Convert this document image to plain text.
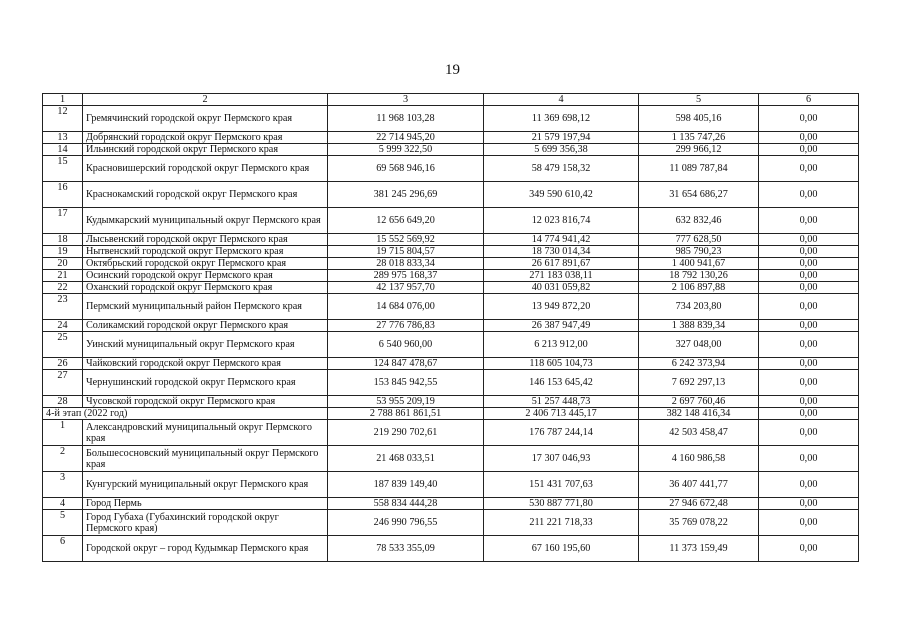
19
1	2	3	4	5	6
12	Гремячинский городской округ Пермского края	11 968 103,28	11 369 698,12	598 405,16	0,00
13	Добрянский городской округ Пермского края	22 714 945,20	21 579 197,94	1 135 747,26	0,00
14	Ильинский городской округ Пермского края	5 999 322,50	5 699 356,38	299 966,12	0,00
15	Красновишерский городской округ Пермского края	69 568 946,16	58 479 158,32	11 089 787,84	0,00
16	Краснокамский городской округ Пермского края	381 245 296,69	349 590 610,42	31 654 686,27	0,00
17	Кудымкарский муниципальный округ Пермского края	12 656 649,20	12 023 816,74	632 832,46	0,00
18	Лысьвенский городской округ Пермского края	15 552 569,92	14 774 941,42	777 628,50	0,00
19	Нытвенский городской округ Пермского края	19 715 804,57	18 730 014,34	985 790,23	0,00
20	Октябрьский городской округ Пермского края	28 018 833,34	26 617 891,67	1 400 941,67	0,00
21	Осинский городской округ Пермского края	289 975 168,37	271 183 038,11	18 792 130,26	0,00
22	Оханский городской округ Пермского края	42 137 957,70	40 031 059,82	2 106 897,88	0,00
23	Пермский муниципальный район Пермского края	14 684 076,00	13 949 872,20	734 203,80	0,00
24	Соликамский городской округ Пермского края	27 776 786,83	26 387 947,49	1 388 839,34	0,00
25	Уинский муниципальный округ Пермского края	6 540 960,00	6 213 912,00	327 048,00	0,00
26	Чайковский городской округ Пермского края	124 847 478,67	118 605 104,73	6 242 373,94	0,00
27	Чернушинский городской округ Пермского края	153 845 942,55	146 153 645,42	7 692 297,13	0,00
28	Чусовской городской округ Пермского края	53 955 209,19	51 257 448,73	2 697 760,46	0,00
4-й этап (2022 год)		2 788 861 861,51	2 406 713 445,17	382 148 416,34	0,00
1	Александровский муниципальный округ Пермского края	219 290 702,61	176 787 244,14	42 503 458,47	0,00
2	Большесосновский муниципальный округ Пермского края	21 468 033,51	17 307 046,93	4 160 986,58	0,00
3	Кунгурский муниципальный округ Пермского края	187 839 149,40	151 431 707,63	36 407 441,77	0,00
4	Город Пермь	558 834 444,28	530 887 771,80	27 946 672,48	0,00
5	Город Губаха (Губахинский городской округ Пермского края)	246 990 796,55	211 221 718,33	35 769 078,22	0,00
6	Городской округ – город Кудымкар Пермского края	78 533 355,09	67 160 195,60	11 373 159,49	0,00
